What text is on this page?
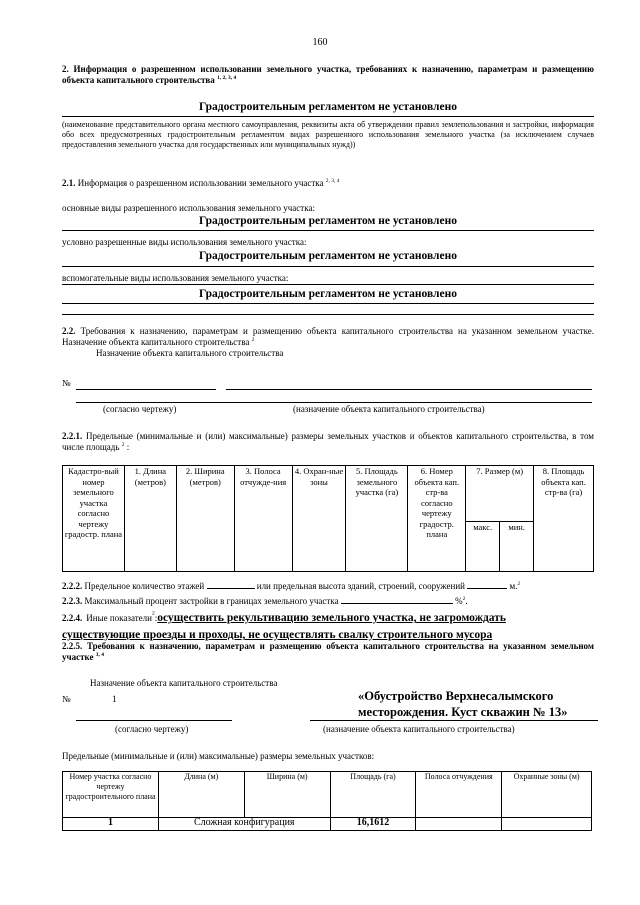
160
2. Информация о разрешенном использовании земельного участка, требованиях к назначению, параметрам и размещению объекта капитального строительства $^{1, 2, 3, 4}$
Градостроительным регламентом не установлено
(наименование представительного органа местного самоуправления, реквизиты акта об утверждении правил землепользования и застройки, информация обо всех предусмотренных градостроительным регламентом видах разрешенного использования земельного участка (за исключением случаев предоставления земельного участка для государственных или муниципальных нужд))
2.1. Информация о разрешенном использовании земельного участка $^{2, 3, 4}$
основные виды разрешенного использования земельного участка:
Градостроительным регламентом не установлено
условно разрешенные виды использования земельного участка:
Градостроительным регламентом не установлено
вспомогательные виды использования земельного участка:
Градостроительным регламентом не установлено
2.2. Требования к назначению, параметрам и размещению объекта капитального строительства на указанном земельном участке. Назначение объекта капитального строительства $^2$
Назначение объекта капитального строительства
№
(согласно чертежу)	(назначение объекта капитального строительства)
2.2.1. Предельные (минимальные и (или) максимальные) размеры земельных участков и объектов капитального строительства, в том числе площадь $^2$ :
Кадастро-вый номер земельного участка согласно чертежу градостр. плана	1. Длина (метров)	2. Ширина (метров)	3. Полоса отчужде-ния	4. Охран-ные зоны	5. Площадь земельного участка (га)	6. Номер объекта кап. стр-ва согласно чертежу градостр. плана	7. Размер (м)		8. Площадь объекта кап. стр-ва (га)
							макс.	мин.	
2.2.2. Предельное количество этажей	или предельная высота зданий, строений, сооружений	м.$^2$
2.2.3. Максимальный процент застройки в границах земельного участка	%$^2$.
2.2.4. Иные показатели$^2$:осуществить рекультивацию земельного участка, не загромождать
существующие проезды и проходы, не осуществлять свалку строительного мусора
2.2.5. Требования к назначению, параметрам и размещению объекта капитального строительства на указанном земельном участке $^{3, 4}$
Назначение объекта капитального строительства
№	1	«Обустройство Верхнесалымского
месторождения. Куст скважин № 13»
(согласно чертежу)	(назначение объекта капитального строительства)
Предельные (минимальные и (или) максимальные) размеры земельных участков:
Номер участка согласно чертежу градостроительного плана	Длина (м)	Ширина (м)	Площадь (га)	Полоса отчуждения	Охранные зоны (м)
1	Сложная конфигурация		16,1612		
